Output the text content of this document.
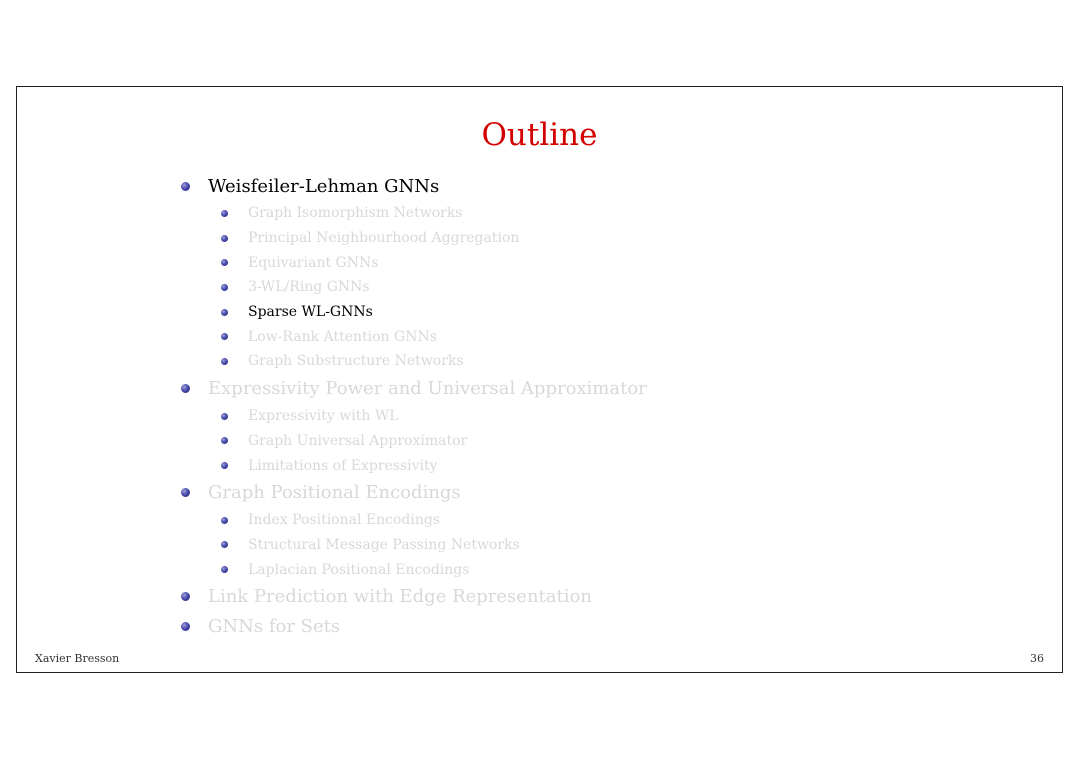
Outline
Weisfeiler-Lehman GNNs
Graph Isomorphism Networks
Principal Neighbourhood Aggregation
Equivariant GNNs
3-WL/Ring GNNs
Sparse WL-GNNs
Low-Rank Attention GNNs
Graph Substructure Networks
Expressivity Power and Universal Approximator
Expressivity with WL
Graph Universal Approximator
Limitations of Expressivity
Graph Positional Encodings
Index Positional Encodings
Structural Message Passing Networks
Laplacian Positional Encodings
Link Prediction with Edge Representation
GNNs for Sets
Xavier Bresson	36
